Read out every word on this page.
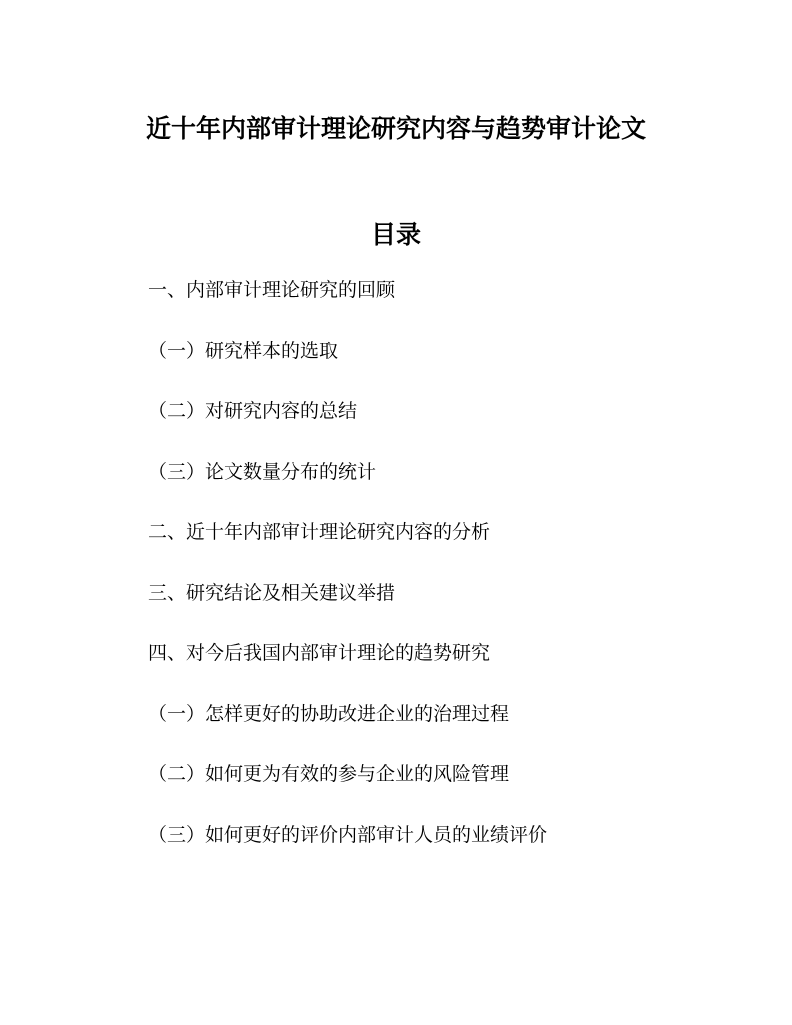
近十年内部审计理论研究内容与趋势审计论文
目录
一、内部审计理论研究的回顾
（一）研究样本的选取
（二）对研究内容的总结
（三）论文数量分布的统计
二、近十年内部审计理论研究内容的分析
三、研究结论及相关建议举措
四、对今后我国内部审计理论的趋势研究
（一）怎样更好的协助改进企业的治理过程
（二）如何更为有效的参与企业的风险管理
（三）如何更好的评价内部审计人员的业绩评价
